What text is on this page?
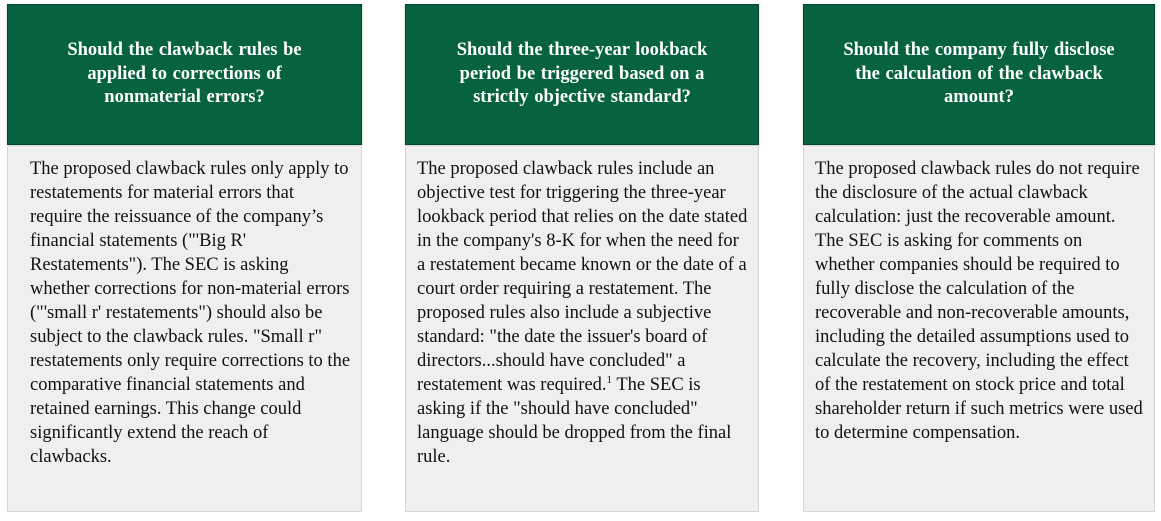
Should the clawback rules be applied to corrections of nonmaterial errors?

The proposed clawback rules only apply to restatements for material errors that require the reissuance of the company’s financial statements ("'Big R' Restatements"). The SEC is asking whether corrections for non-material errors ("'small r' restatements") should also be subject to the clawback rules. "Small r" restatements only require corrections to the comparative financial statements and retained earnings. This change could significantly extend the reach of clawbacks.

Should the three-year lookback period be triggered based on a strictly objective standard?

The proposed clawback rules include an objective test for triggering the three-year lookback period that relies on the date stated in the company's 8-K for when the need for a restatement became known or the date of a court order requiring a restatement. The proposed rules also include a subjective standard: "the date the issuer's board of directors...should have concluded" a restatement was required.$^1$ The SEC is asking if the "should have concluded" language should be dropped from the final rule.

Should the company fully disclose the calculation of the clawback amount?

The proposed clawback rules do not require the disclosure of the actual clawback calculation: just the recoverable amount. The SEC is asking for comments on whether companies should be required to fully disclose the calculation of the recoverable and non-recoverable amounts, including the detailed assumptions used to calculate the recovery, including the effect of the restatement on stock price and total shareholder return if such metrics were used to determine compensation.
